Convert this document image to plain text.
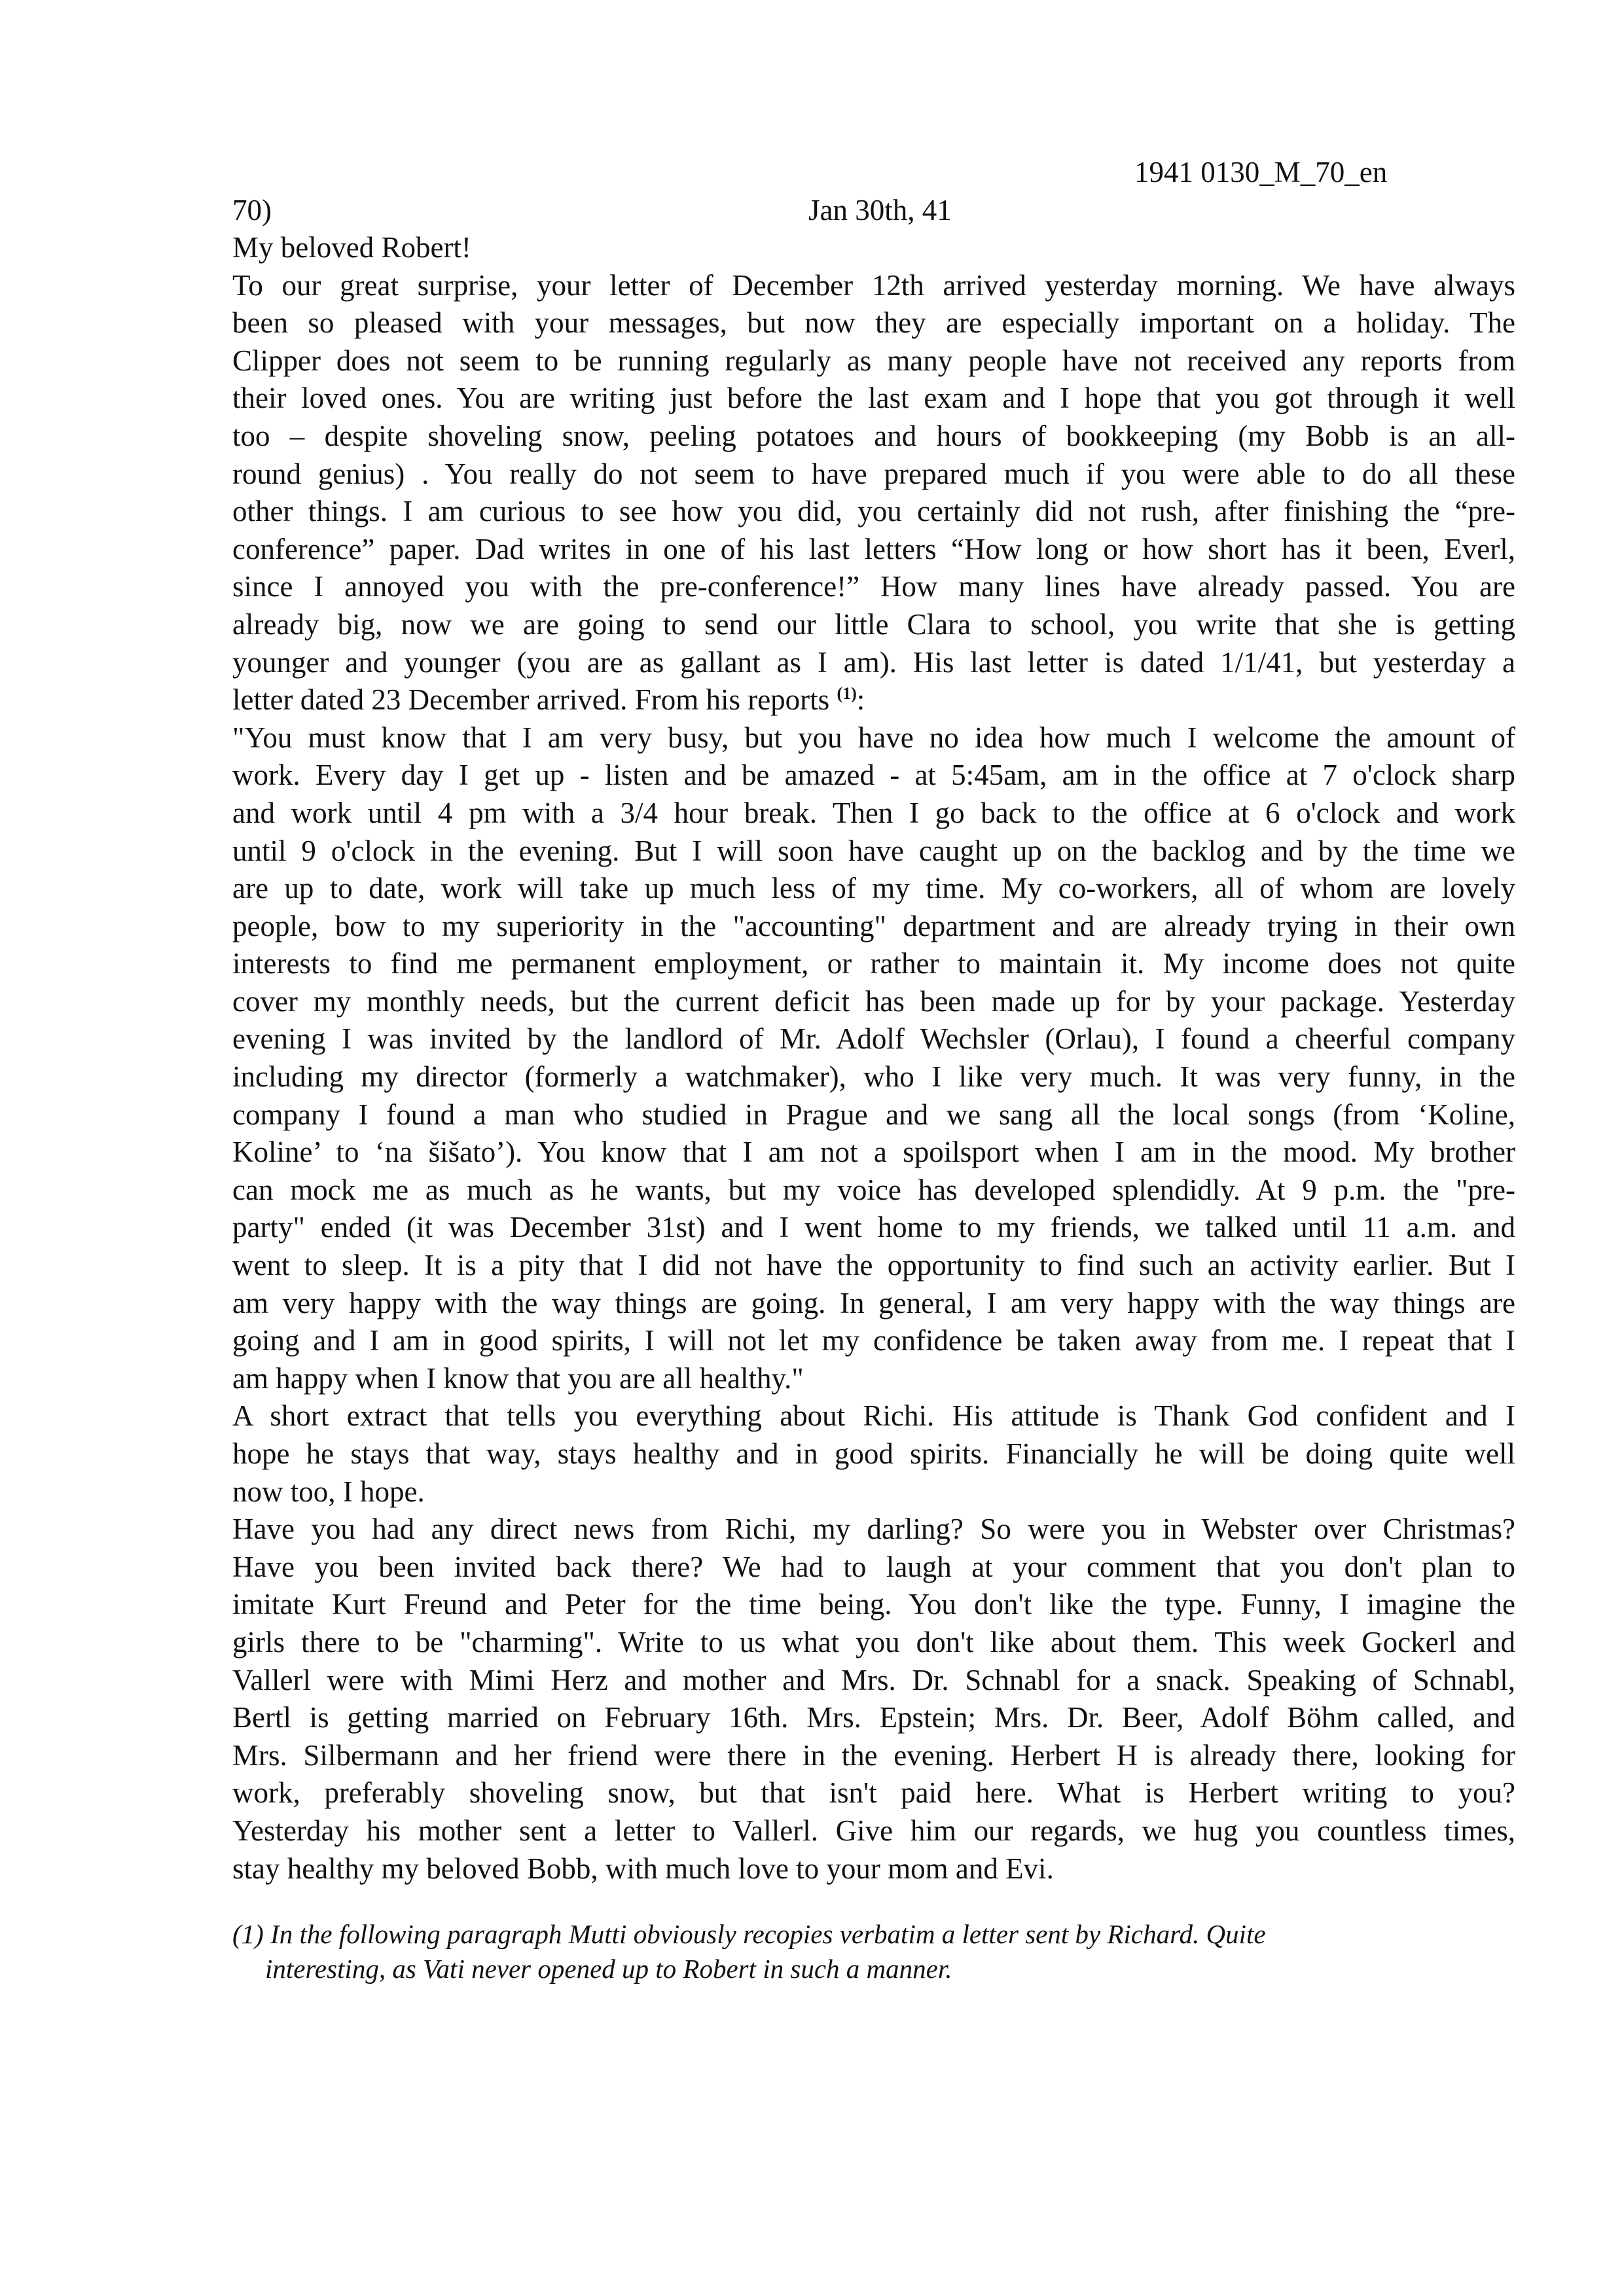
1941 0130_M_70_en
70)	Jan 30th, 41
My beloved Robert!
To our great surprise, your letter of December 12th arrived yesterday morning. We have always
been so pleased with your messages, but now they are especially important on a holiday. The
Clipper does not seem to be running regularly as many people have not received any reports from
their loved ones. You are writing just before the last exam and I hope that you got through it well
too – despite shoveling snow, peeling potatoes and hours of bookkeeping (my Bobb is an all-
round genius) . You really do not seem to have prepared much if you were able to do all these
other things. I am curious to see how you did, you certainly did not rush, after finishing the “pre-
conference” paper. Dad writes in one of his last letters “How long or how short has it been, Everl,
since I annoyed you with the pre-conference!” How many lines have already passed. You are
already big, now we are going to send our little Clara to school, you write that she is getting
younger and younger (you are as gallant as I am). His last letter is dated 1/1/41, but yesterday a
letter dated 23 December arrived. From his reports $^{(1)}$:
"You must know that I am very busy, but you have no idea how much I welcome the amount of
work. Every day I get up - listen and be amazed - at 5:45am, am in the office at 7 o'clock sharp
and work until 4 pm with a 3/4 hour break. Then I go back to the office at 6 o'clock and work
until 9 o'clock in the evening. But I will soon have caught up on the backlog and by the time we
are up to date, work will take up much less of my time. My co-workers, all of whom are lovely
people, bow to my superiority in the "accounting" department and are already trying in their own
interests to find me permanent employment, or rather to maintain it. My income does not quite
cover my monthly needs, but the current deficit has been made up for by your package. Yesterday
evening I was invited by the landlord of Mr. Adolf Wechsler (Orlau), I found a cheerful company
including my director (formerly a watchmaker), who I like very much. It was very funny, in the
company I found a man who studied in Prague and we sang all the local songs (from ‘Koline,
Koline’ to ‘na šišato’). You know that I am not a spoilsport when I am in the mood. My brother
can mock me as much as he wants, but my voice has developed splendidly. At 9 p.m. the "pre-
party" ended (it was December 31st) and I went home to my friends, we talked until 11 a.m. and
went to sleep. It is a pity that I did not have the opportunity to find such an activity earlier. But I
am very happy with the way things are going. In general, I am very happy with the way things are
going and I am in good spirits, I will not let my confidence be taken away from me. I repeat that I
am happy when I know that you are all healthy."
A short extract that tells you everything about Richi. His attitude is Thank God confident and I
hope he stays that way, stays healthy and in good spirits. Financially he will be doing quite well
now too, I hope.
Have you had any direct news from Richi, my darling? So were you in Webster over Christmas?
Have you been invited back there? We had to laugh at your comment that you don't plan to
imitate Kurt Freund and Peter for the time being. You don't like the type. Funny, I imagine the
girls there to be "charming". Write to us what you don't like about them. This week Gockerl and
Vallerl were with Mimi Herz and mother and Mrs. Dr. Schnabl for a snack. Speaking of Schnabl,
Bertl is getting married on February 16th. Mrs. Epstein; Mrs. Dr. Beer, Adolf Böhm called, and
Mrs. Silbermann and her friend were there in the evening. Herbert H is already there, looking for
work, preferably shoveling snow, but that isn't paid here. What is Herbert writing to you?
Yesterday his mother sent a letter to Vallerl. Give him our regards, we hug you countless times,
stay healthy my beloved Bobb, with much love to your mom and Evi.
(1) In the following paragraph Mutti obviously recopies verbatim a letter sent by Richard. Quite
interesting, as Vati never opened up to Robert in such a manner.
